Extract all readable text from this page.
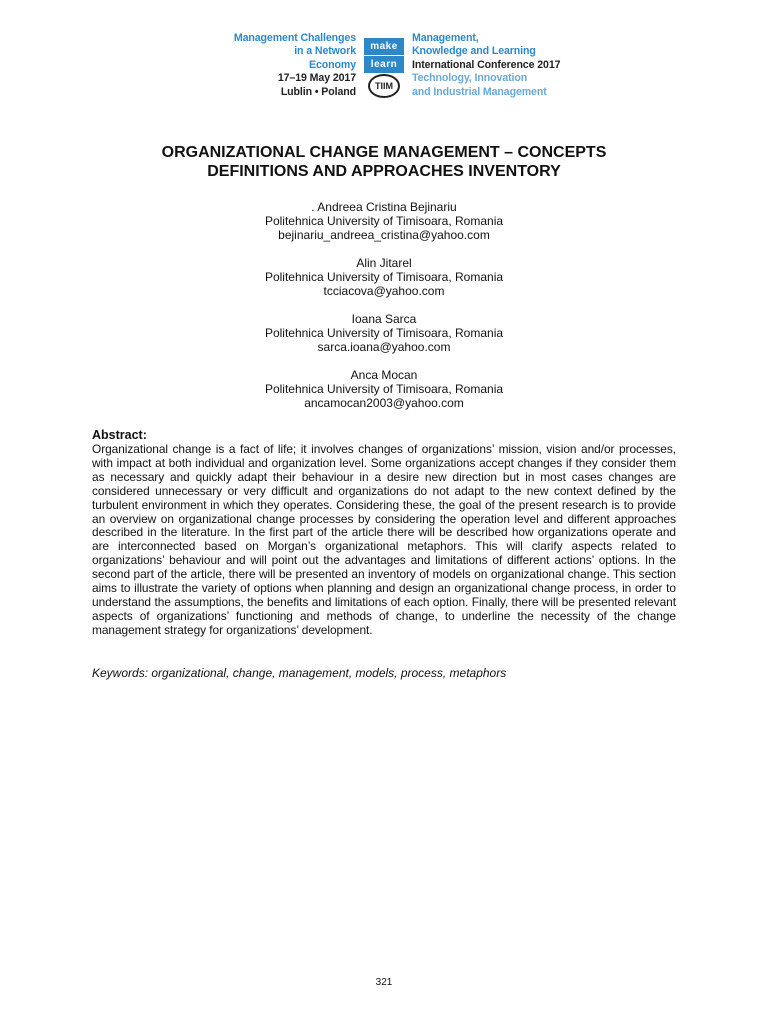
Management Challenges
in a Network
Economy
17–19 May 2017
Lublin • Poland
make
learn
TIIM
Management,
Knowledge and Learning
International Conference 2017
Technology, Innovation
and Industrial Management
ORGANIZATIONAL CHANGE MANAGEMENT – CONCEPTS
DEFINITIONS AND APPROACHES INVENTORY
. Andreea Cristina Bejinariu
Politehnica University of Timisoara, Romania
bejinariu_andreea_cristina@yahoo.com
Alin Jitarel
Politehnica University of Timisoara, Romania
tcciacova@yahoo.com
Ioana Sarca
Politehnica University of Timisoara, Romania
sarca.ioana@yahoo.com
Anca Mocan
Politehnica University of Timisoara, Romania
ancamocan2003@yahoo.com
Abstract:

Organizational change is a fact of life; it involves changes of organizations’ mission, vision and/or processes, with impact at both individual and organization level. Some organizations accept changes if they consider them as necessary and quickly adapt their behaviour in a desire new direction but in most cases changes are considered unnecessary or very difficult and organizations do not adapt to the new context defined by the turbulent environment in which they operates. Considering these, the goal of the present research is to provide an overview on organizational change processes by considering the operation level and different approaches described in the literature. In the first part of the article there will be described how organizations operate and are interconnected based on Morgan’s organizational metaphors. This will clarify aspects related to organizations’ behaviour and will point out the advantages and limitations of different actions’ options. In the second part of the article, there will be presented an inventory of models on organizational change. This section aims to illustrate the variety of options when planning and design an organizational change process, in order to understand the assumptions, the benefits and limitations of each option. Finally, there will be presented relevant aspects of organizations’ functioning and methods of change, to underline the necessity of the change management strategy for organizations’ development.

Keywords: organizational, change, management, models, process, metaphors
321
